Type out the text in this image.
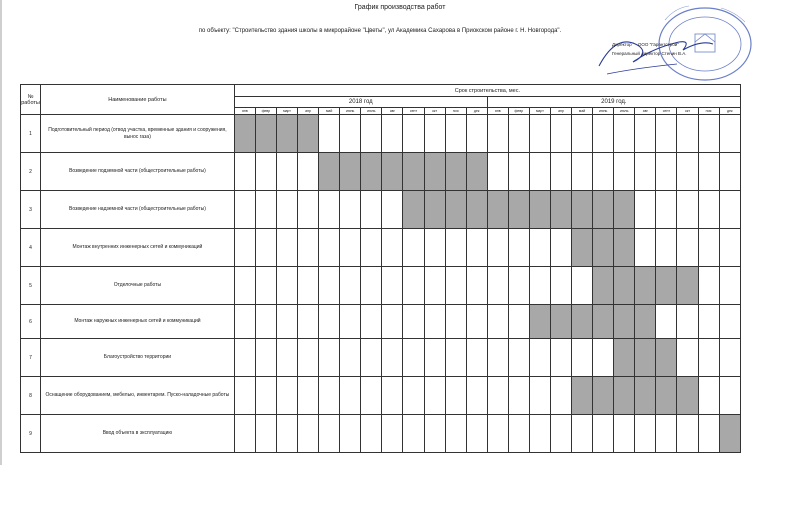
График производства работ
по объекту: "Строительство здания школы в микрорайоне "Цветы", ул Академика Сахарова в Приокском районе г. Н. Новгорода".
Директор ООО "Гарантстрой"
Генеральный директор Стенин В.А.
№ работы	Наименование работы	Срок строительства, мес.																							
		2018 год												2019 год.											
		янв	февр	март	апр	май	июнь	июль	авг	сент	окт	ноя	дек	янв	февр	март	апр	май	июнь	июль	авг	сент	окт	ноя	дек
1	Подготовительный период (отвод участка, временные здания и сооружения, вынос газа)																								
2	Возведение подземной части (общестроительные работы)																								
3	Возведение надземной части (общестроительные работы)																								
4	Монтаж внутренних инженерных сетей и коммуникаций																								
5	Отделочные работы																								
6	Монтаж наружных инженерных сетей и коммуникаций																								
7	Благоустройство территории																								
8	Оснащение оборудованием, мебелью, инвентарем. Пуско-наладочные работы																								
9	Ввод объекта в эксплуатацию																								
